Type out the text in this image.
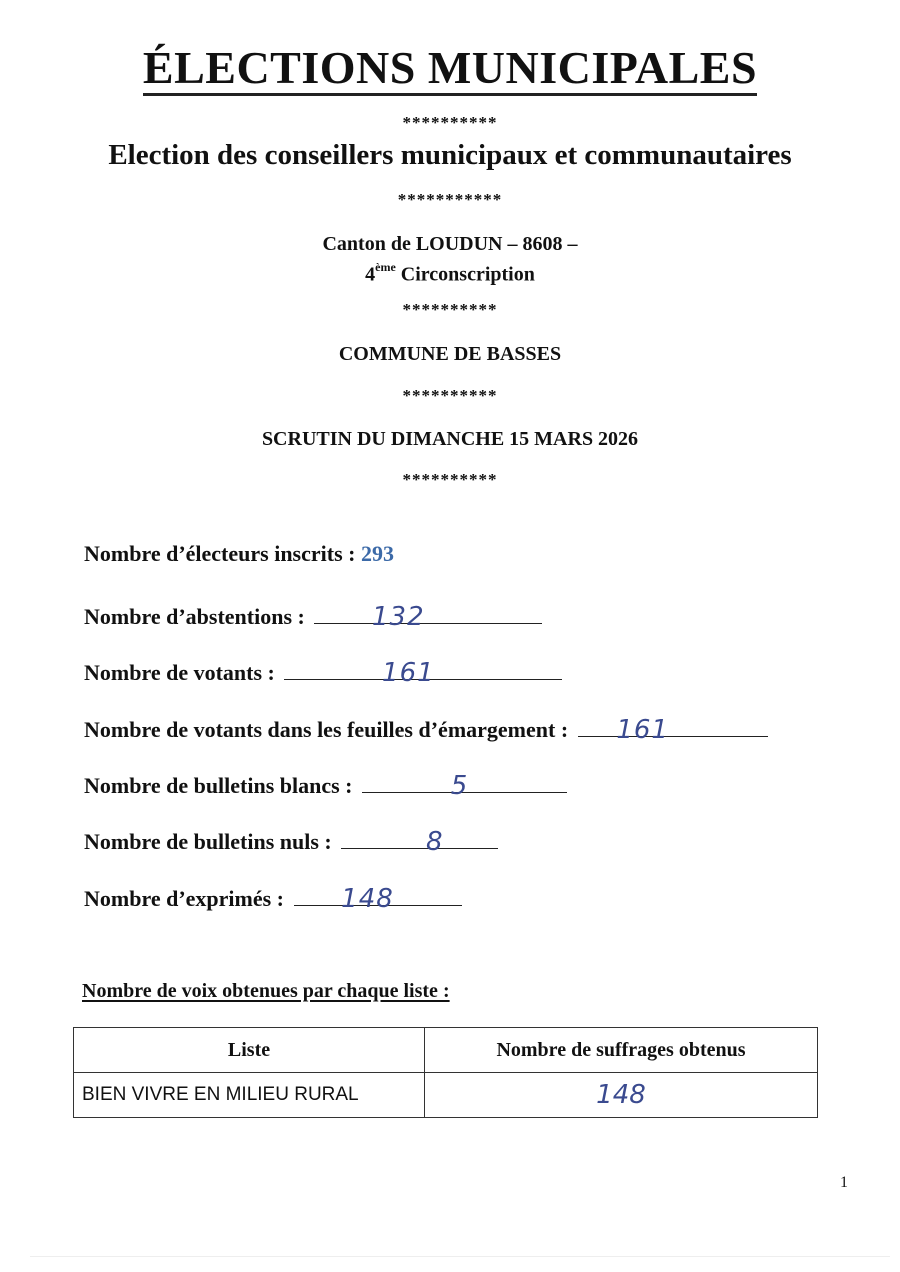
ÉLECTIONS MUNICIPALES
**********
Election des conseillers municipaux et communautaires
***********
Canton de LOUDUN – 8608 –
4ème Circonscription
**********
COMMUNE DE BASSES
**********
SCRUTIN DU DIMANCHE 15 MARS 2026
**********
Nombre d’électeurs inscrits : 293
Nombre d’abstentions :	132
Nombre de votants :	161
Nombre de votants dans les feuilles d’émargement :	161
Nombre de bulletins blancs :	5
Nombre de bulletins nuls :	8
Nombre d’exprimés :	148
Nombre de voix obtenues par chaque liste :
Liste	Nombre de suffrages obtenus
BIEN VIVRE EN MILIEU RURAL	148
1
